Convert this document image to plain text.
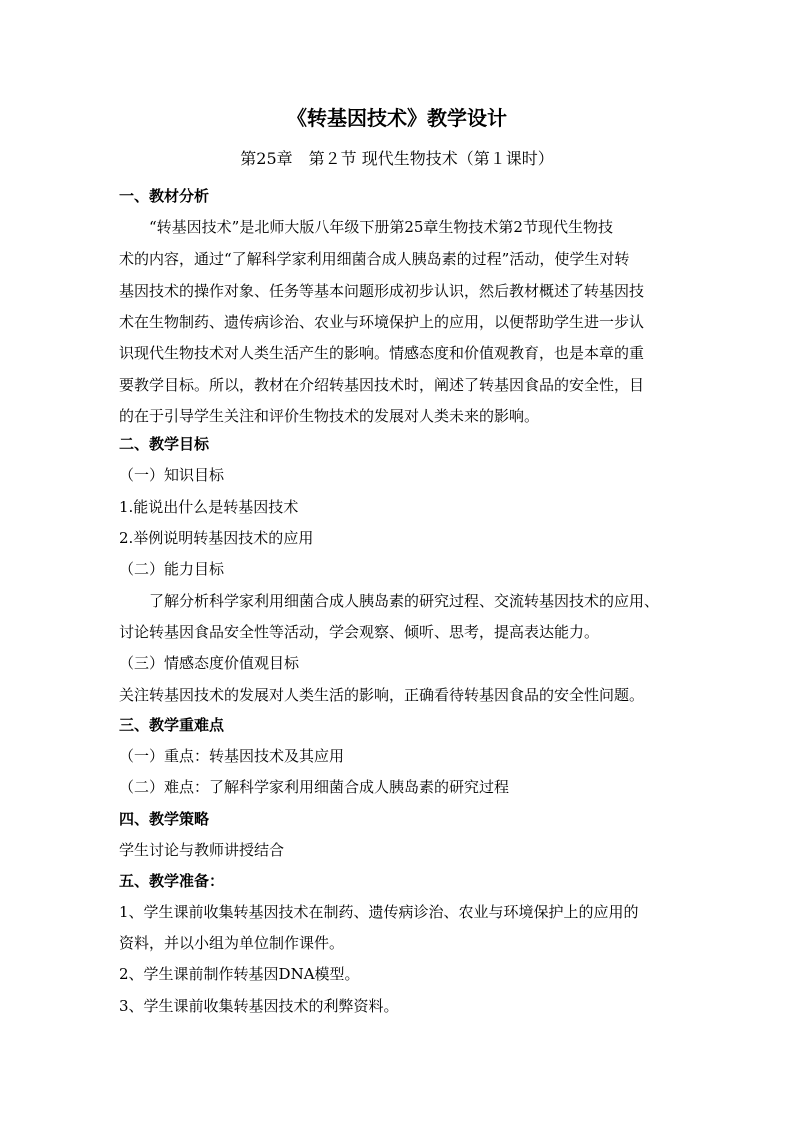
《转基因技术》教学设计
第25章　第２节 现代生物技术（第１课时）
一、教材分析
“转基因技术”是北师大版八年级下册第25章生物技术第2节现代生物技
术的内容，通过“了解科学家利用细菌合成人胰岛素的过程”活动，使学生对转
基因技术的操作对象、任务等基本问题形成初步认识，然后教材概述了转基因技
术在生物制药、遗传病诊治、农业与环境保护上的应用，以便帮助学生进一步认
识现代生物技术对人类生活产生的影响。情感态度和价值观教育，也是本章的重
要教学目标。所以，教材在介绍转基因技术时，阐述了转基因食品的安全性，目
的在于引导学生关注和评价生物技术的发展对人类未来的影响。
二、教学目标
（一）知识目标
1.能说出什么是转基因技术
2.举例说明转基因技术的应用
（二）能力目标
了解分析科学家利用细菌合成人胰岛素的研究过程、交流转基因技术的应用、
讨论转基因食品安全性等活动，学会观察、倾听、思考，提高表达能力。
（三）情感态度价值观目标
关注转基因技术的发展对人类生活的影响，正确看待转基因食品的安全性问题。
三、教学重难点
（一）重点：转基因技术及其应用
（二）难点：了解科学家利用细菌合成人胰岛素的研究过程
四、教学策略
学生讨论与教师讲授结合
五、教学准备：
1、学生课前收集转基因技术在制药、遗传病诊治、农业与环境保护上的应用的
资料，并以小组为单位制作课件。
2、学生课前制作转基因DNA模型。
3、学生课前收集转基因技术的利弊资料。
